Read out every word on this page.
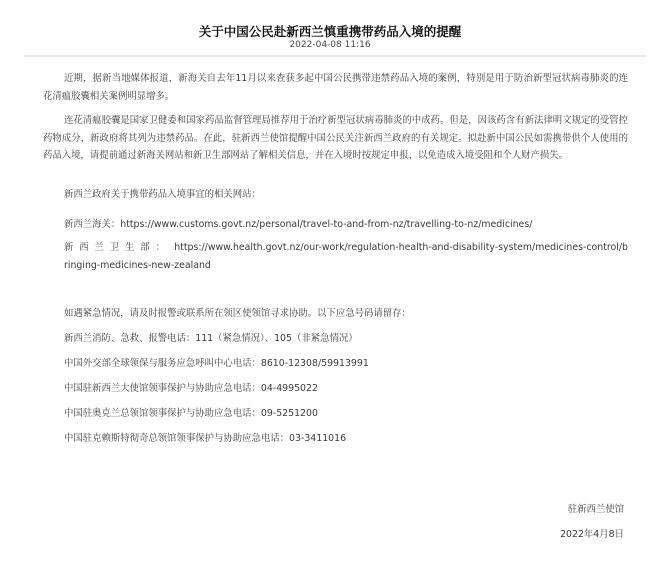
关于中国公民赴新西兰慎重携带药品入境的提醒
2022-04-08 11:16

近期，据新当地媒体报道，新海关自去年11月以来查获多起中国公民携带违禁药品入境的案例，特别是用于防治新型冠状病毒肺炎的连花清瘟胶囊相关案例明显增多。

连花清瘟胶囊是国家卫健委和国家药品监督管理局推荐用于治疗新型冠状病毒肺炎的中成药。但是，因该药含有新法律明文规定的受管控药物成分，新政府将其列为违禁药品。在此，驻新西兰使馆提醒中国公民关注新西兰政府的有关规定。拟赴新中国公民如需携带供个人使用的药品入境，请提前通过新海关网站和新卫生部网站了解相关信息，并在入境时按规定申报，以免造成入境受阻和个人财产损失。

新西兰政府关于携带药品入境事宜的相关网站：
新西兰海关：https://www.customs.govt.nz/personal/travel-to-and-from-nz/travelling-to-nz/medicines/
新西兰卫生部： https://www.health.govt.nz/our-work/regulation-health-and-disability-system/medicines-control/bringing-medicines-new-zealand
如遇紧急情况，请及时报警或联系所在领区使领馆寻求协助。以下应急号码请留存：
新西兰消防、急救、报警电话：111（紧急情况）、105（非紧急情况）
中国外交部全球领保与服务应急呼叫中心电话：8610-12308/59913991
中国驻新西兰大使馆领事保护与协助应急电话：04-4995022
中国驻奥克兰总领馆领事保护与协助应急电话：09-5251200
中国驻克赖斯特彻奇总领馆领事保护与协助应急电话：03-3411016
驻新西兰使馆
2022年4月8日
